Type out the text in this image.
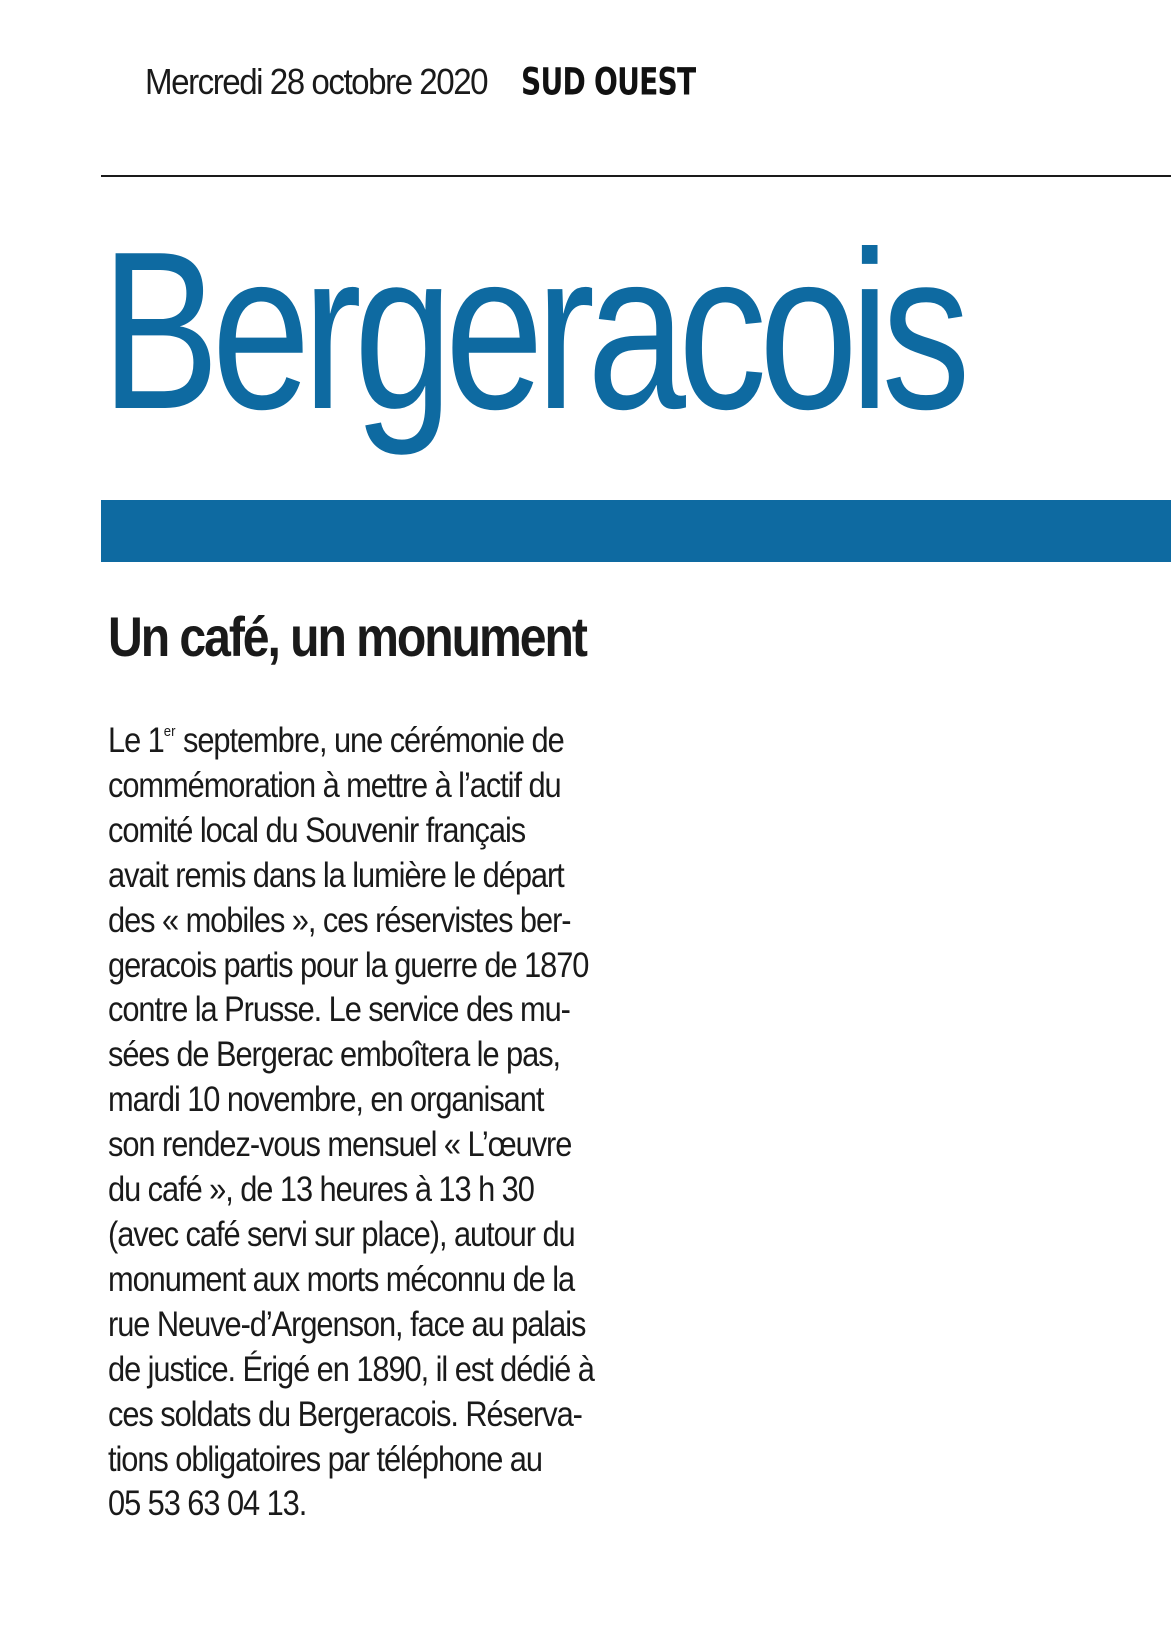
Mercredi 28 octobre 2020 SUD OUEST
Bergeracois
Un café, un monument
Le 1er septembre, une cérémonie de
commémoration à mettre à l’actif du
comité local du Souvenir français
avait remis dans la lumière le départ
des « mobiles », ces réservistes ber-
geracois partis pour la guerre de 1870
contre la Prusse. Le service des mu-
sées de Bergerac emboîtera le pas,
mardi 10 novembre, en organisant
son rendez-vous mensuel « L’œuvre
du café », de 13 heures à 13 h 30
(avec café servi sur place), autour du
monument aux morts méconnu de la
rue Neuve-d’Argenson, face au palais
de justice. Érigé en 1890, il est dédié à
ces soldats du Bergeracois. Réserva-
tions obligatoires par téléphone au
05 53 63 04 13.
